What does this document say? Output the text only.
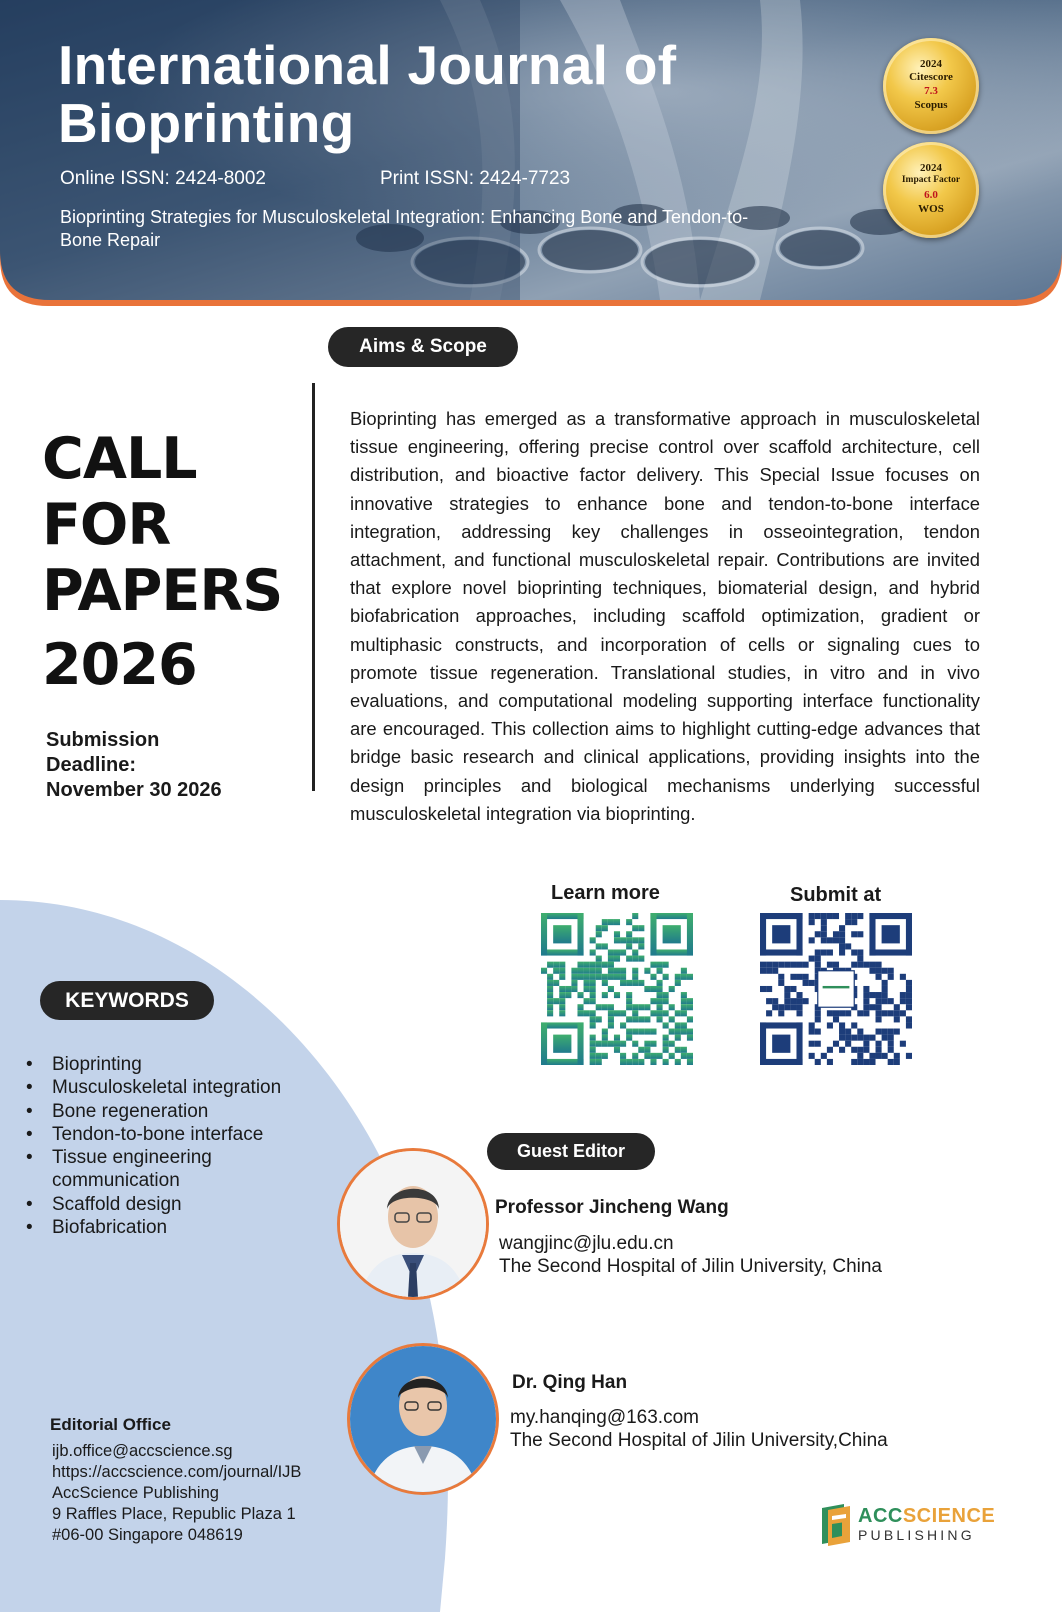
International Journal of
Bioprinting
Online ISSN: 2424-8002	Print ISSN: 2424-7723
Bioprinting Strategies for Musculoskeletal Integration: Enhancing Bone and Tendon-to-Bone Repair
2024
Citescore
7.3
Scopus
2024
Impact Factor
6.0
WOS
Aims & Scope
CALL
FOR
PAPERS
2026
Submission
Deadline:
November 30 2026
Bioprinting has emerged as a transformative approach in musculoskeletal tissue engineering, offering precise control over scaffold architecture, cell distribution, and bioactive factor delivery. This Special Issue focuses on innovative strategies to enhance bone and tendon-to-bone interface integration, addressing key challenges in osseointegration, tendon attachment, and functional musculoskeletal repair. Contributions are invited that explore novel bioprinting techniques, biomaterial design, and hybrid biofabrication approaches, including scaffold optimization, gradient or multiphasic constructs, and incorporation of cells or signaling cues to promote tissue regeneration. Translational studies, in vitro and in vivo evaluations, and computational modeling supporting interface functionality are encouraged. This collection aims to highlight cutting-edge advances that bridge basic research and clinical applications, providing insights into the design principles and biological mechanisms underlying successful musculoskeletal integration via bioprinting.
Learn more	Submit at
KEYWORDS
• Bioprinting
• Musculoskeletal integration
• Bone regeneration
• Tendon-to-bone interface
• Tissue engineering communication
• Scaffold design
• Biofabrication
Guest Editor
Professor Jincheng Wang
wangjinc@jlu.edu.cn
The Second Hospital of Jilin University, China
Dr. Qing Han
my.hanqing@163.com
The Second Hospital of Jilin University,China
Editorial Office
ijb.office@accscience.sg
https://accscience.com/journal/IJB
AccScience Publishing
9 Raffles Place, Republic Plaza 1
#06-00 Singapore 048619
ACCSCIENCE
PUBLISHING
